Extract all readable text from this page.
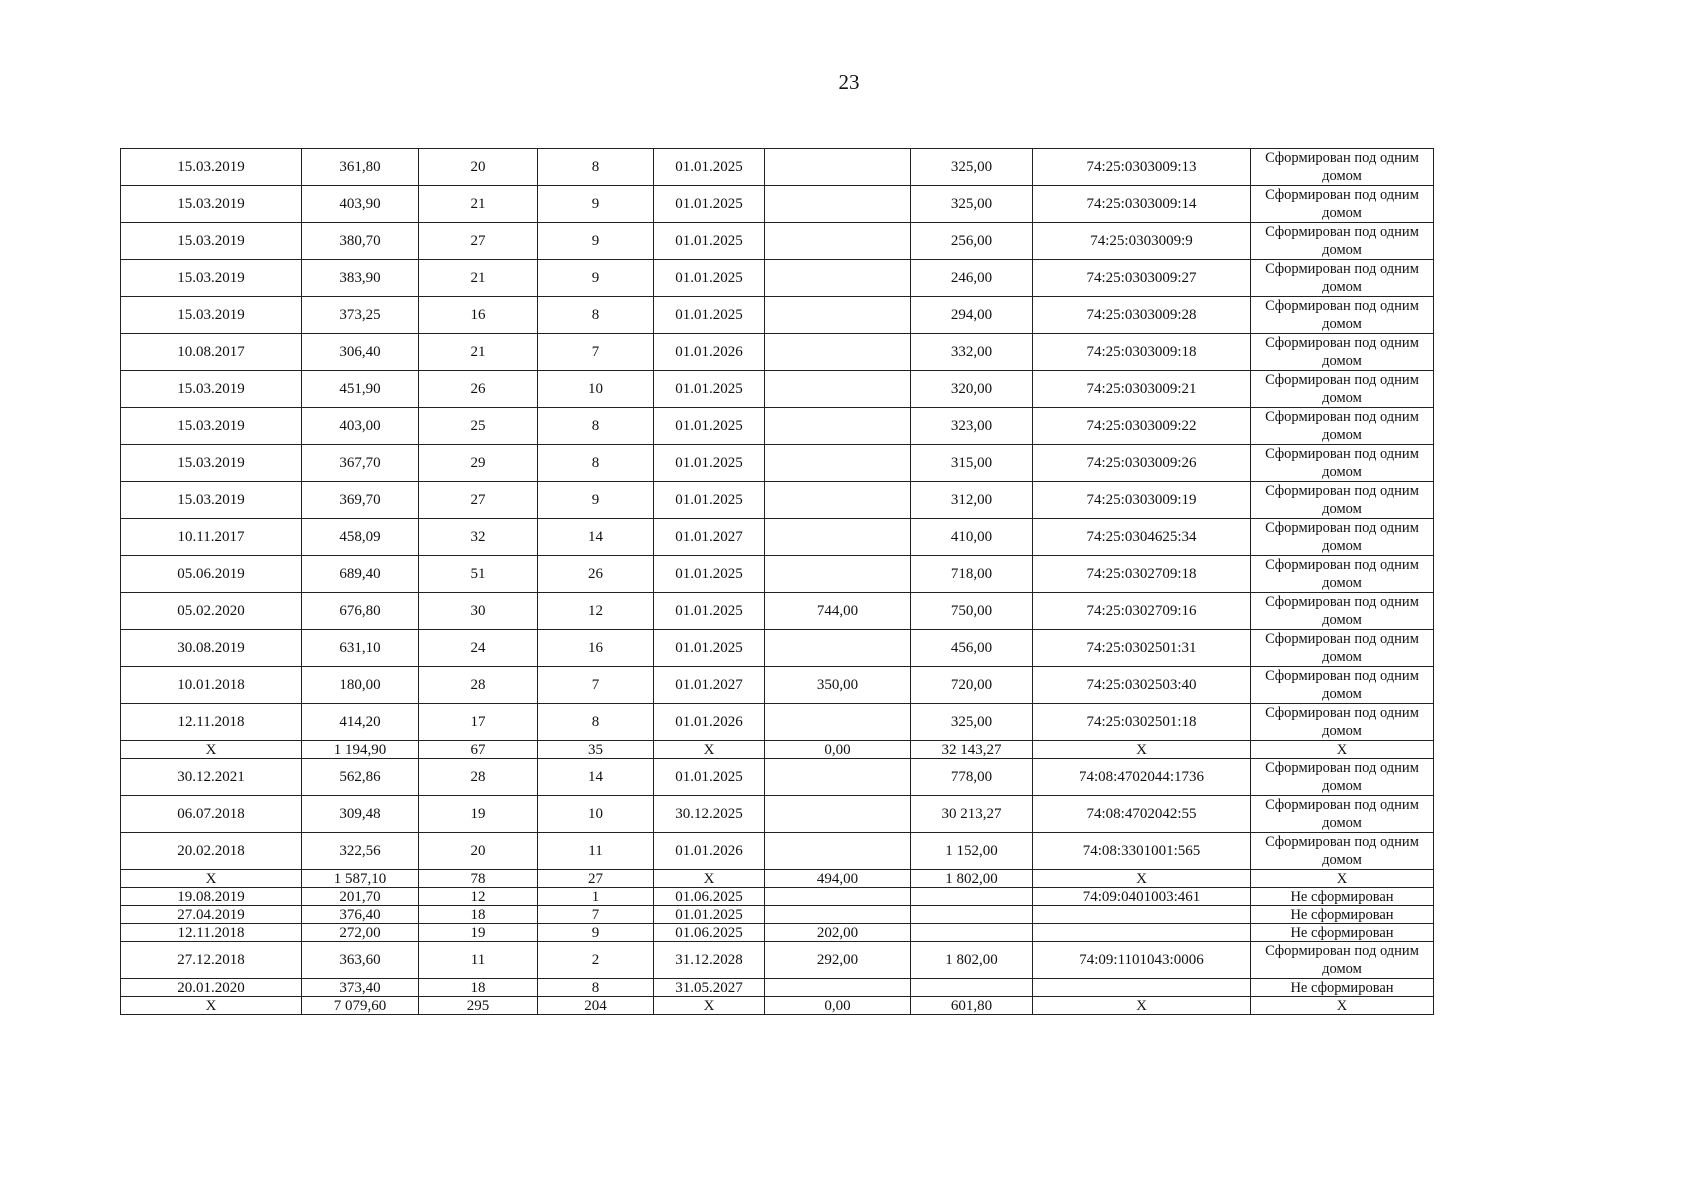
23
15.03.2019	361,80	20	8	01.01.2025		325,00	74:25:0303009:13	Сформирован под одним домом
15.03.2019	403,90	21	9	01.01.2025		325,00	74:25:0303009:14	Сформирован под одним домом
15.03.2019	380,70	27	9	01.01.2025		256,00	74:25:0303009:9	Сформирован под одним домом
15.03.2019	383,90	21	9	01.01.2025		246,00	74:25:0303009:27	Сформирован под одним домом
15.03.2019	373,25	16	8	01.01.2025		294,00	74:25:0303009:28	Сформирован под одним домом
10.08.2017	306,40	21	7	01.01.2026		332,00	74:25:0303009:18	Сформирован под одним домом
15.03.2019	451,90	26	10	01.01.2025		320,00	74:25:0303009:21	Сформирован под одним домом
15.03.2019	403,00	25	8	01.01.2025		323,00	74:25:0303009:22	Сформирован под одним домом
15.03.2019	367,70	29	8	01.01.2025		315,00	74:25:0303009:26	Сформирован под одним домом
15.03.2019	369,70	27	9	01.01.2025		312,00	74:25:0303009:19	Сформирован под одним домом
10.11.2017	458,09	32	14	01.01.2027		410,00	74:25:0304625:34	Сформирован под одним домом
05.06.2019	689,40	51	26	01.01.2025		718,00	74:25:0302709:18	Сформирован под одним домом
05.02.2020	676,80	30	12	01.01.2025	744,00	750,00	74:25:0302709:16	Сформирован под одним домом
30.08.2019	631,10	24	16	01.01.2025		456,00	74:25:0302501:31	Сформирован под одним домом
10.01.2018	180,00	28	7	01.01.2027	350,00	720,00	74:25:0302503:40	Сформирован под одним домом
12.11.2018	414,20	17	8	01.01.2026		325,00	74:25:0302501:18	Сформирован под одним домом
X	1 194,90	67	35	X	0,00	32 143,27	X	X
30.12.2021	562,86	28	14	01.01.2025		778,00	74:08:4702044:1736	Сформирован под одним домом
06.07.2018	309,48	19	10	30.12.2025		30 213,27	74:08:4702042:55	Сформирован под одним домом
20.02.2018	322,56	20	11	01.01.2026		1 152,00	74:08:3301001:565	Сформирован под одним домом
X	1 587,10	78	27	X	494,00	1 802,00	X	X
19.08.2019	201,70	12	1	01.06.2025			74:09:0401003:461	Не сформирован
27.04.2019	376,40	18	7	01.01.2025				Не сформирован
12.11.2018	272,00	19	9	01.06.2025	202,00			Не сформирован
27.12.2018	363,60	11	2	31.12.2028	292,00	1 802,00	74:09:1101043:0006	Сформирован под одним домом
20.01.2020	373,40	18	8	31.05.2027				Не сформирован
X	7 079,60	295	204	X	0,00	601,80	X	X
